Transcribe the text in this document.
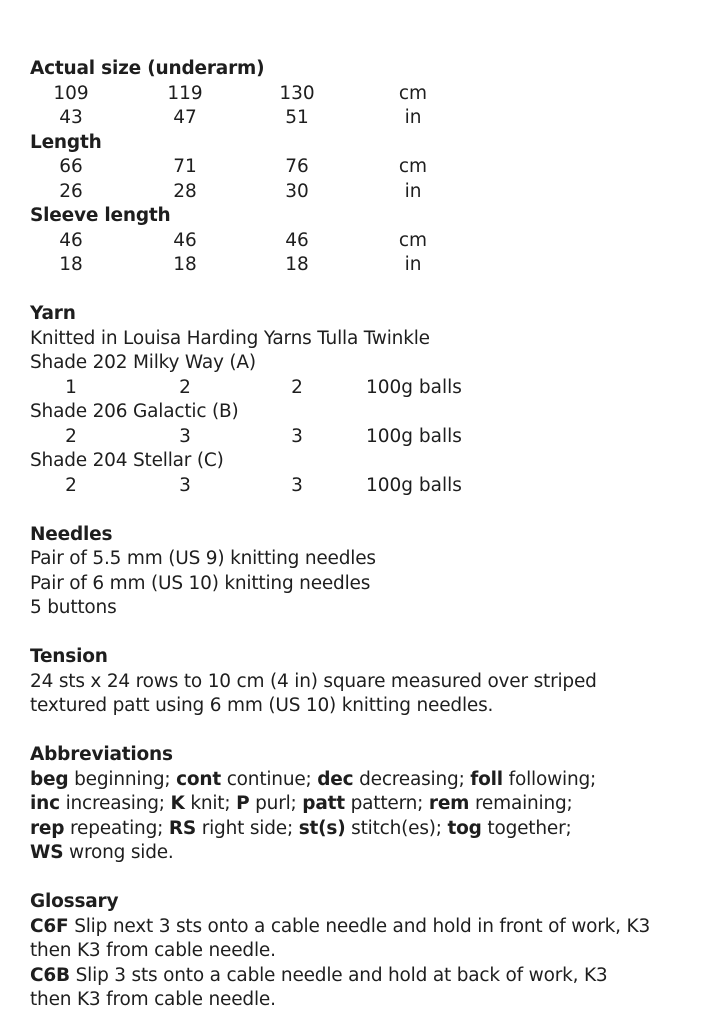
Actual size (underarm)
109	119	130	cm
43	47	51	in
Length
66	71	76	cm
26	28	30	in
Sleeve length
46	46	46	cm
18	18	18	in
Yarn
Knitted in Louisa Harding Yarns Tulla Twinkle
Shade 202 Milky Way (A)
1	2	2	100g balls
Shade 206 Galactic (B)
2	3	3	100g balls
Shade 204 Stellar (C)
2	3	3	100g balls
Needles
Pair of 5.5 mm (US 9) knitting needles
Pair of 6 mm (US 10) knitting needles
5 buttons
Tension
24 sts x 24 rows to 10 cm (4 in) square measured over striped
textured patt using 6 mm (US 10) knitting needles.
Abbreviations
beg beginning; cont continue; dec decreasing; foll following;
inc increasing; K knit; P purl; patt pattern; rem remaining;
rep repeating; RS right side; st(s) stitch(es); tog together;
WS wrong side.
Glossary
C6F Slip next 3 sts onto a cable needle and hold in front of work, K3
then K3 from cable needle.
C6B Slip 3 sts onto a cable needle and hold at back of work, K3
then K3 from cable needle.
